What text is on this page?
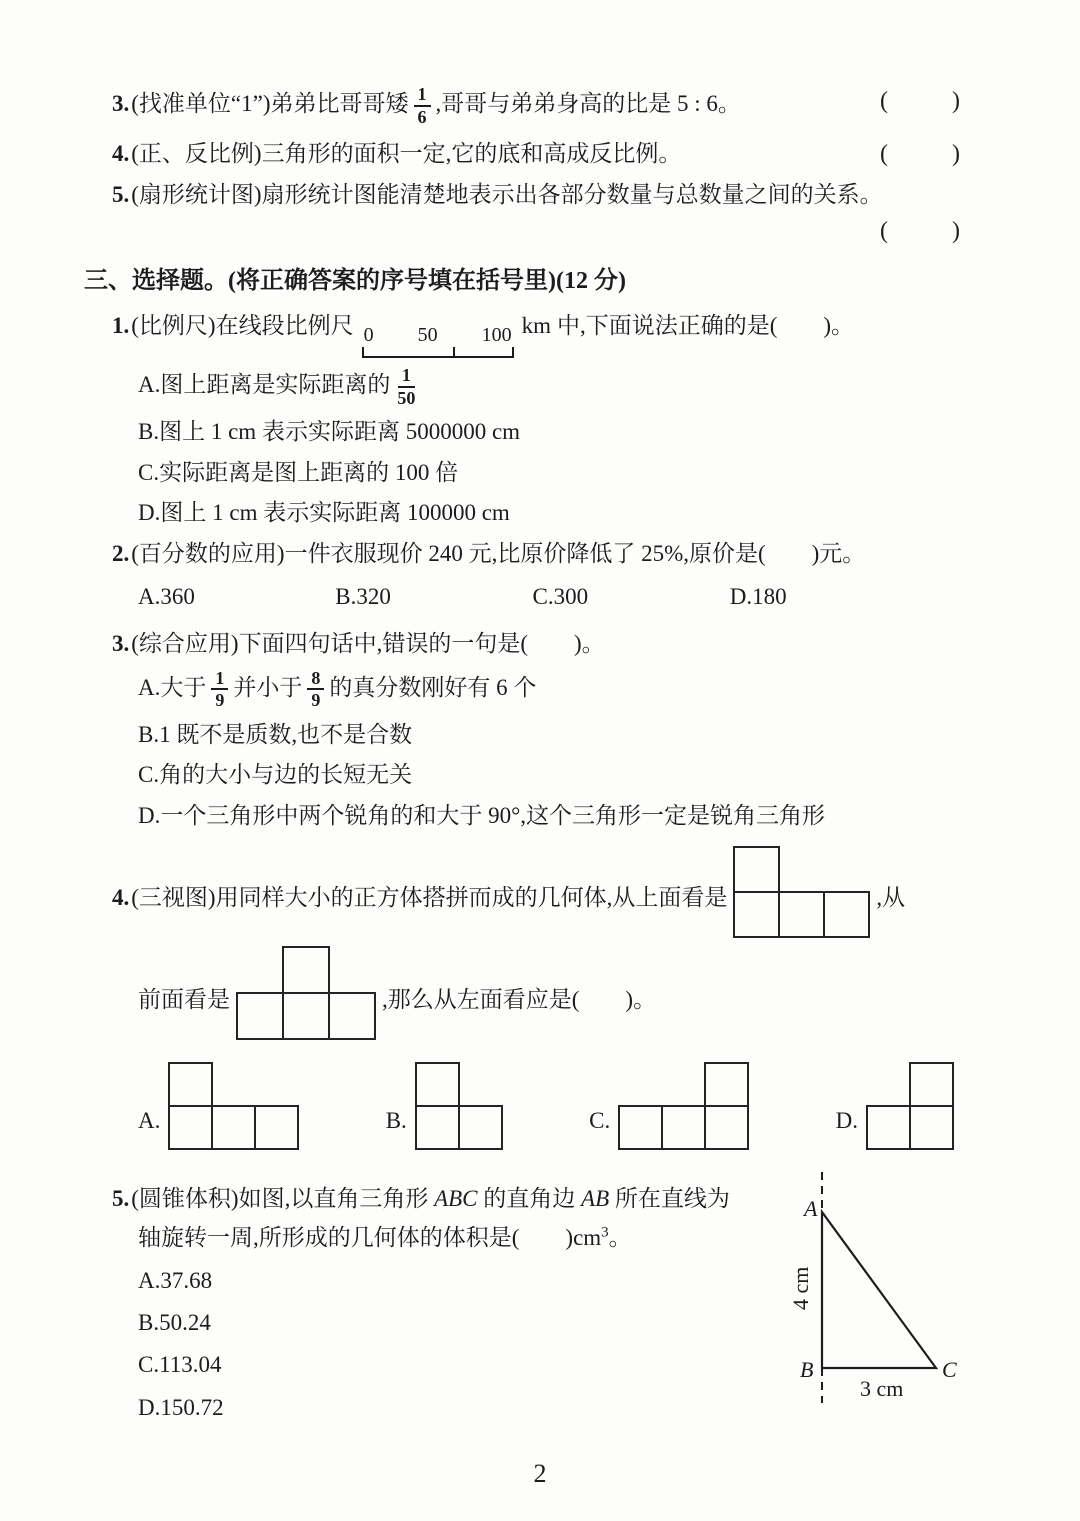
3.(找准单位“1”)弟弟比哥哥矮 $\frac{1}{6}$ ,哥哥与弟弟身高的比是 5 : 6。	(	)
4.(正、反比例)三角形的面积一定,它的底和高成反比例。	(	)
5.(扇形统计图)扇形统计图能清楚地表示出各部分数量与总数量之间的关系。
(	)
三、选择题。(将正确答案的序号填在括号里)(12 分)
1.(比例尺)在线段比例尺 0 50 100 km 中,下面说法正确的是(　　)。
A.图上距离是实际距离的 $\frac{1}{50}$
B.图上 1 cm 表示实际距离 5000000 cm
C.实际距离是图上距离的 100 倍
D.图上 1 cm 表示实际距离 100000 cm
2.(百分数的应用)一件衣服现价 240 元,比原价降低了 25%,原价是(　　)元。
A.360	B.320	C.300	D.180
3.(综合应用)下面四句话中,错误的一句是(　　)。
A.大于 $\frac{1}{9}$ 并小于 $\frac{8}{9}$ 的真分数刚好有 6 个
B.1 既不是质数,也不是合数
C.角的大小与边的长短无关
D.一个三角形中两个锐角的和大于 90°,这个三角形一定是锐角三角形
4.(三视图)用同样大小的正方体搭拼而成的几何体,从上面看是	,从
前面看是	,那么从左面看应是(　　)。
A.	B.	C.	D.
5.(圆锥体积)如图,以直角三角形 ABC 的直角边 AB 所在直线为
轴旋转一周,所形成的几何体的体积是(　　)$cm^3$。
A.37.68
B.50.24
C.113.04
D.150.72
A
B	C
4 cm
3 cm
2
